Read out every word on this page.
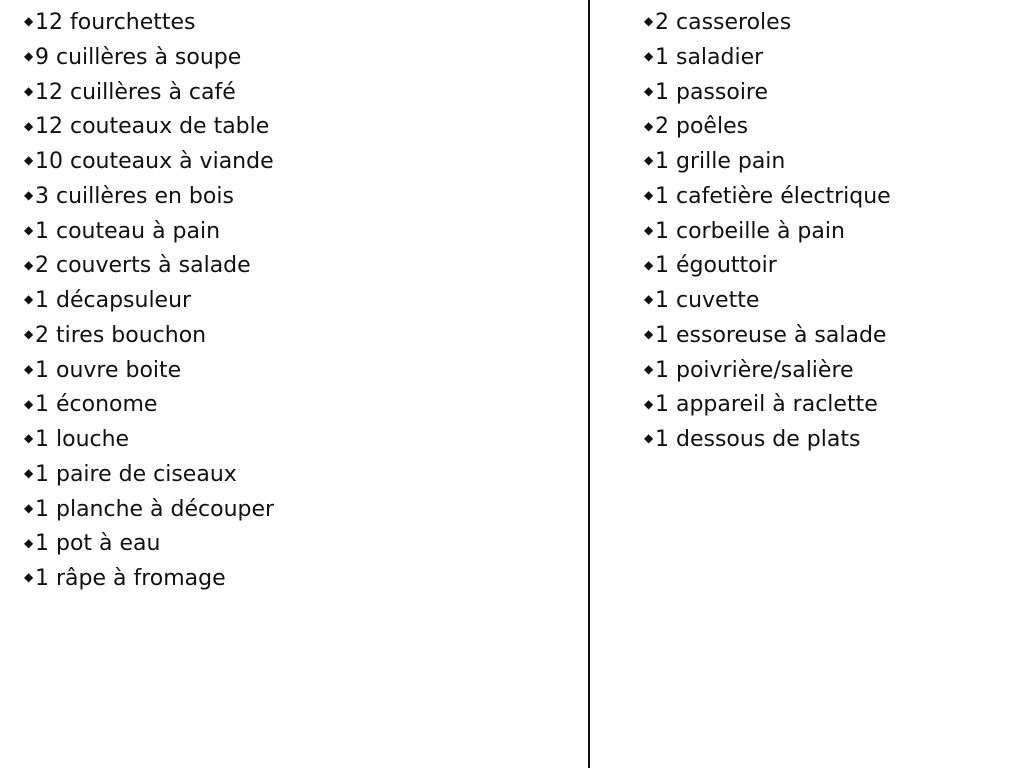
◆ 12 fourchettes
◆ 9 cuillères à soupe
◆ 12 cuillères à café
◆ 12 couteaux de table
◆ 10 couteaux à viande
◆ 3 cuillères en bois
◆ 1 couteau à pain
◆ 2 couverts à salade
◆ 1 décapsuleur
◆ 2 tires bouchon
◆ 1 ouvre boite
◆ 1 économe
◆ 1 louche
◆ 1 paire de ciseaux
◆ 1 planche à découper
◆ 1 pot à eau
◆ 1 râpe à fromage
◆ 2 casseroles
◆ 1 saladier
◆ 1 passoire
◆ 2 poêles
◆ 1 grille pain
◆ 1 cafetière électrique
◆ 1 corbeille à pain
◆ 1 égouttoir
◆ 1 cuvette
◆ 1 essoreuse à salade
◆ 1 poivrière/salière
◆ 1 appareil à raclette
◆ 1 dessous de plats
